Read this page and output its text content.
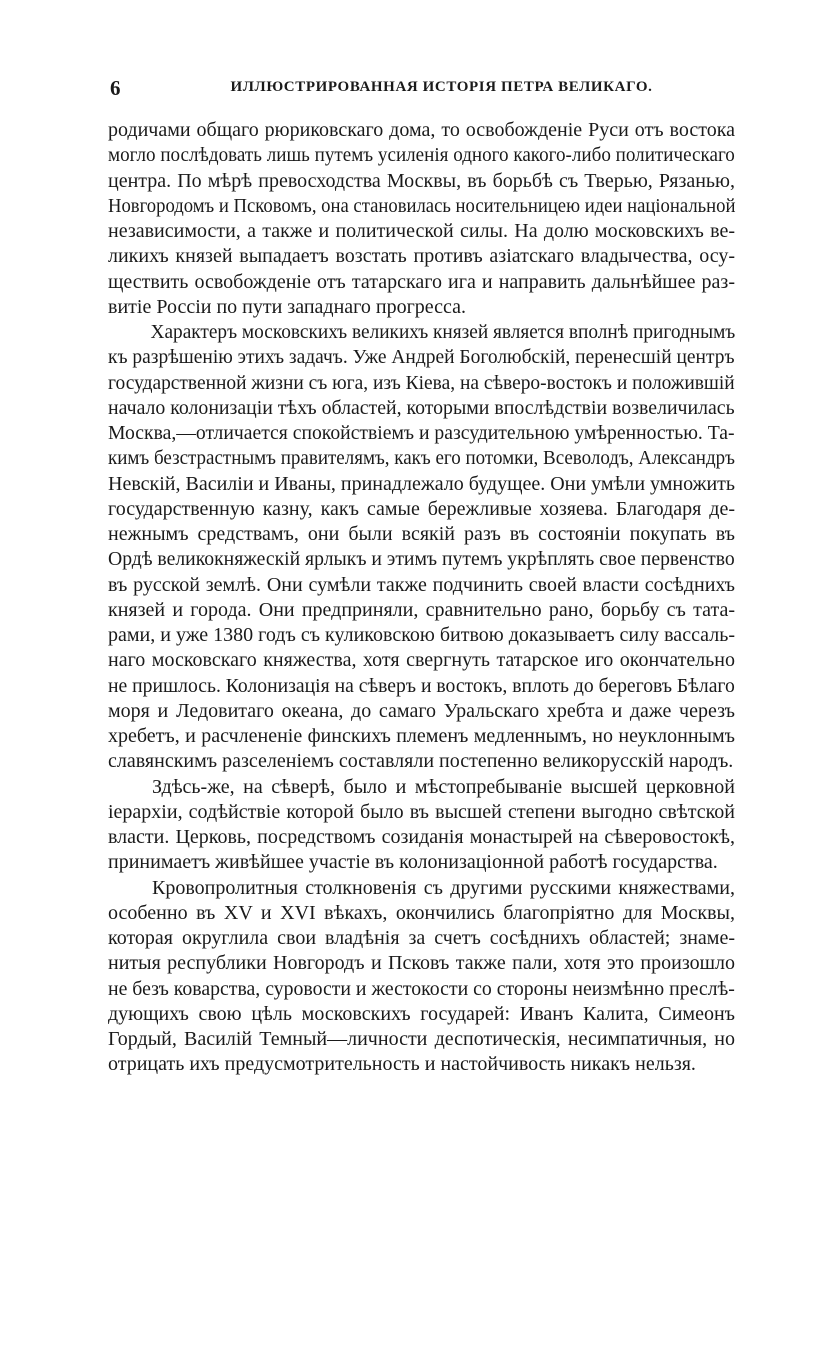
6	ИЛЛЮСТРИРОВАННАЯ ИСТОРІЯ ПЕТРА ВЕЛИКАГО.
родичами общаго рюриковскаго дома, то освобожденіе Руси отъ востока
могло послѣдовать лишь путемъ усиленія одного какого-либо политическаго
центра. По мѣрѣ превосходства Москвы, въ борьбѣ съ Тверью, Рязанью,
Новгородомъ и Псковомъ, она становилась носительницею идеи національной
независимости, а также и политической силы. На долю московскихъ ве-
ликихъ князей выпадаетъ возстать противъ азіатскаго владычества, осу-
ществить освобожденіе отъ татарскаго ига и направить дальнѣйшее раз-
витіе Россіи по пути западнаго прогресса.
Характеръ московскихъ великихъ князей является вполнѣ пригоднымъ
къ разрѣшенію этихъ задачъ. Уже Андрей Боголюбскій, перенесшій центръ
государственной жизни съ юга, изъ Кіева, на сѣверо-востокъ и положившій
начало колонизаціи тѣхъ областей, которыми впослѣдствіи возвеличилась
Москва,—отличается спокойствіемъ и разсудительною умѣренностью. Та-
кимъ безстрастнымъ правителямъ, какъ его потомки, Всеволодъ, Александръ
Невскій, Василіи и Иваны, принадлежало будущее. Они умѣли умножить
государственную казну, какъ самые бережливые хозяева. Благодаря де-
нежнымъ средствамъ, они были всякій разъ въ состояніи покупать въ
Ордѣ великокняжескій ярлыкъ и этимъ путемъ укрѣплять свое первенство
въ русской землѣ. Они сумѣли также подчинить своей власти сосѣднихъ
князей и города. Они предприняли, сравнительно рано, борьбу съ тата-
рами, и уже 1380 годъ съ куликовскою битвою доказываетъ силу вассаль-
наго московскаго княжества, хотя свергнуть татарское иго окончательно
не пришлось. Колонизація на сѣверъ и востокъ, вплоть до береговъ Бѣлаго
моря и Ледовитаго океана, до самаго Уральскаго хребта и даже черезъ
хребетъ, и расчлененіе финскихъ племенъ медленнымъ, но неуклоннымъ
славянскимъ разселеніемъ составляли постепенно великорусскій народъ.
Здѣсь-же, на сѣверѣ, было и мѣстопребываніе высшей церковной
іерархіи, содѣйствіе которой было въ высшей степени выгодно свѣтской
власти. Церковь, посредствомъ созиданія монастырей на сѣверовостокѣ,
принимаетъ живѣйшее участіе въ колонизаціонной работѣ государства.
Кровопролитныя столкновенія съ другими русскими княжествами,
особенно въ XV и XVI вѣкахъ, окончились благопріятно для Москвы,
которая округлила свои владѣнія за счетъ сосѣднихъ областей; знаме-
нитыя республики Новгородъ и Псковъ также пали, хотя это произошло
не безъ коварства, суровости и жестокости со стороны неизмѣнно преслѣ-
дующихъ свою цѣль московскихъ государей: Иванъ Калита, Симеонъ
Гордый, Василій Темный—личности деспотическія, несимпатичныя, но
отрицать ихъ предусмотрительность и настойчивость никакъ нельзя.
